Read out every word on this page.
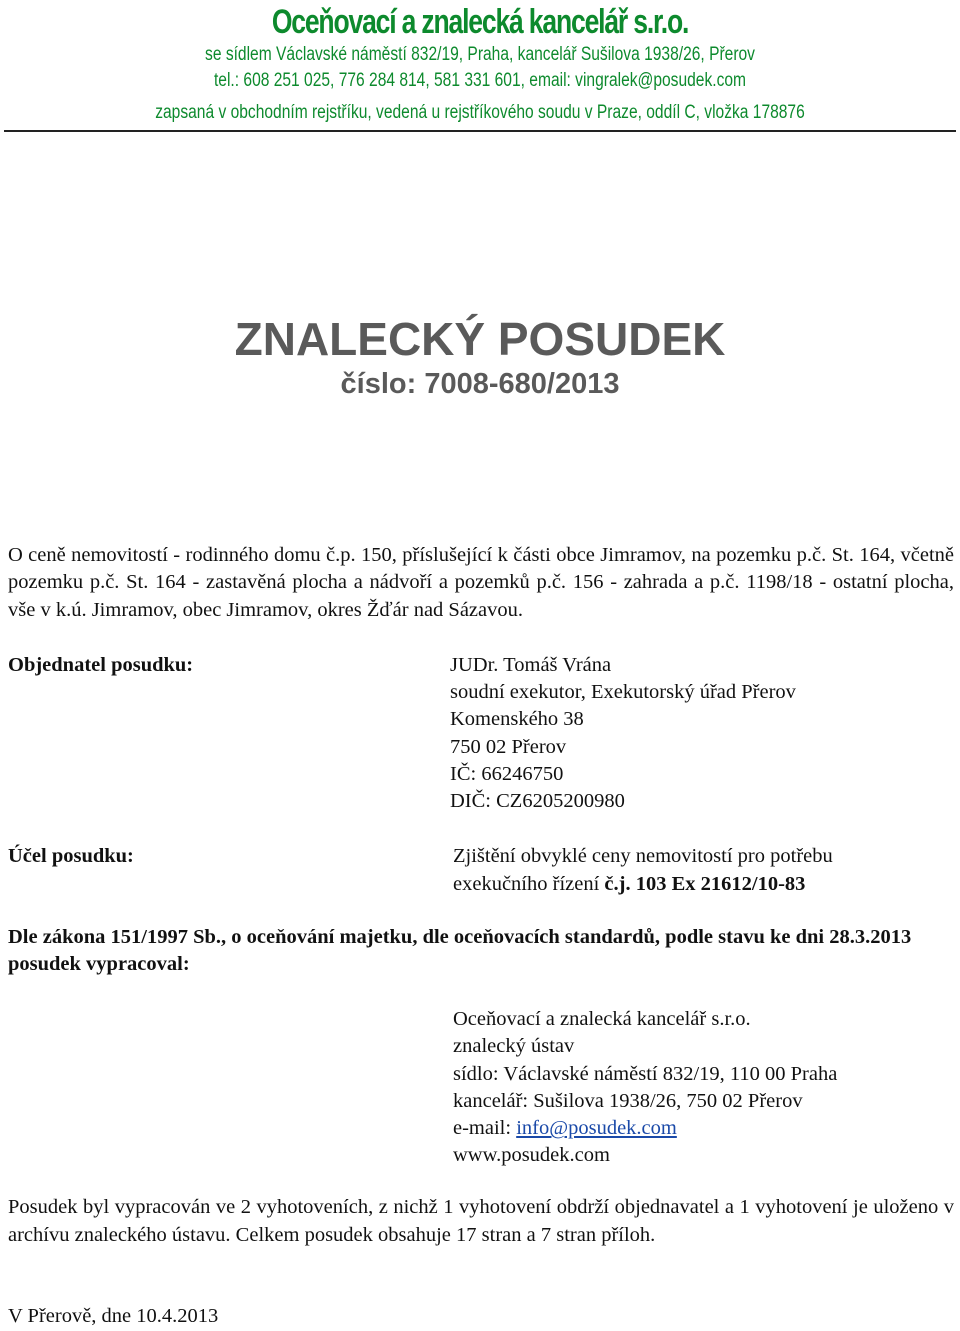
Oceňovací a znalecká kancelář s.r.o.
se sídlem Václavské náměstí 832/19, Praha, kancelář Sušilova 1938/26, Přerov
tel.: 608 251 025, 776 284 814, 581 331 601, email: vingralek@posudek.com
zapsaná v obchodním rejstříku, vedená u rejstříkového soudu v Praze, oddíl C, vložka 178876
ZNALECKÝ POSUDEK
číslo: 7008-680/2013
O ceně nemovitostí - rodinného domu č.p. 150, příslušející k části obce Jimramov, na pozemku p.č. St. 164, včetně pozemku p.č. St. 164 - zastavěná plocha a nádvoří a pozemků p.č. 156 - zahrada a p.č. 1198/18 - ostatní plocha, vše v k.ú. Jimramov, obec Jimramov, okres Žďár nad Sázavou.
Objednatel posudku:	JUDr. Tomáš Vrána
soudní exekutor, Exekutorský úřad Přerov
Komenského 38
750 02 Přerov
IČ: 66246750
DIČ: CZ6205200980
Účel posudku:	Zjištění obvyklé ceny nemovitostí pro potřebu
exekučního řízení č.j. 103 Ex 21612/10-83
Dle zákona 151/1997 Sb., o oceňování majetku, dle oceňovacích standardů, podle stavu ke dni 28.3.2013 posudek vypracoval:
Oceňovací a znalecká kancelář s.r.o.
znalecký ústav
sídlo: Václavské náměstí 832/19, 110 00 Praha
kancelář: Sušilova 1938/26, 750 02 Přerov
e-mail: info@posudek.com
www.posudek.com
Posudek byl vypracován ve 2 vyhotoveních, z nichž 1 vyhotovení obdrží objednavatel a 1 vyhotovení je uloženo v archívu znaleckého ústavu. Celkem posudek obsahuje 17 stran a 7 stran příloh.
V Přerově, dne 10.4.2013
